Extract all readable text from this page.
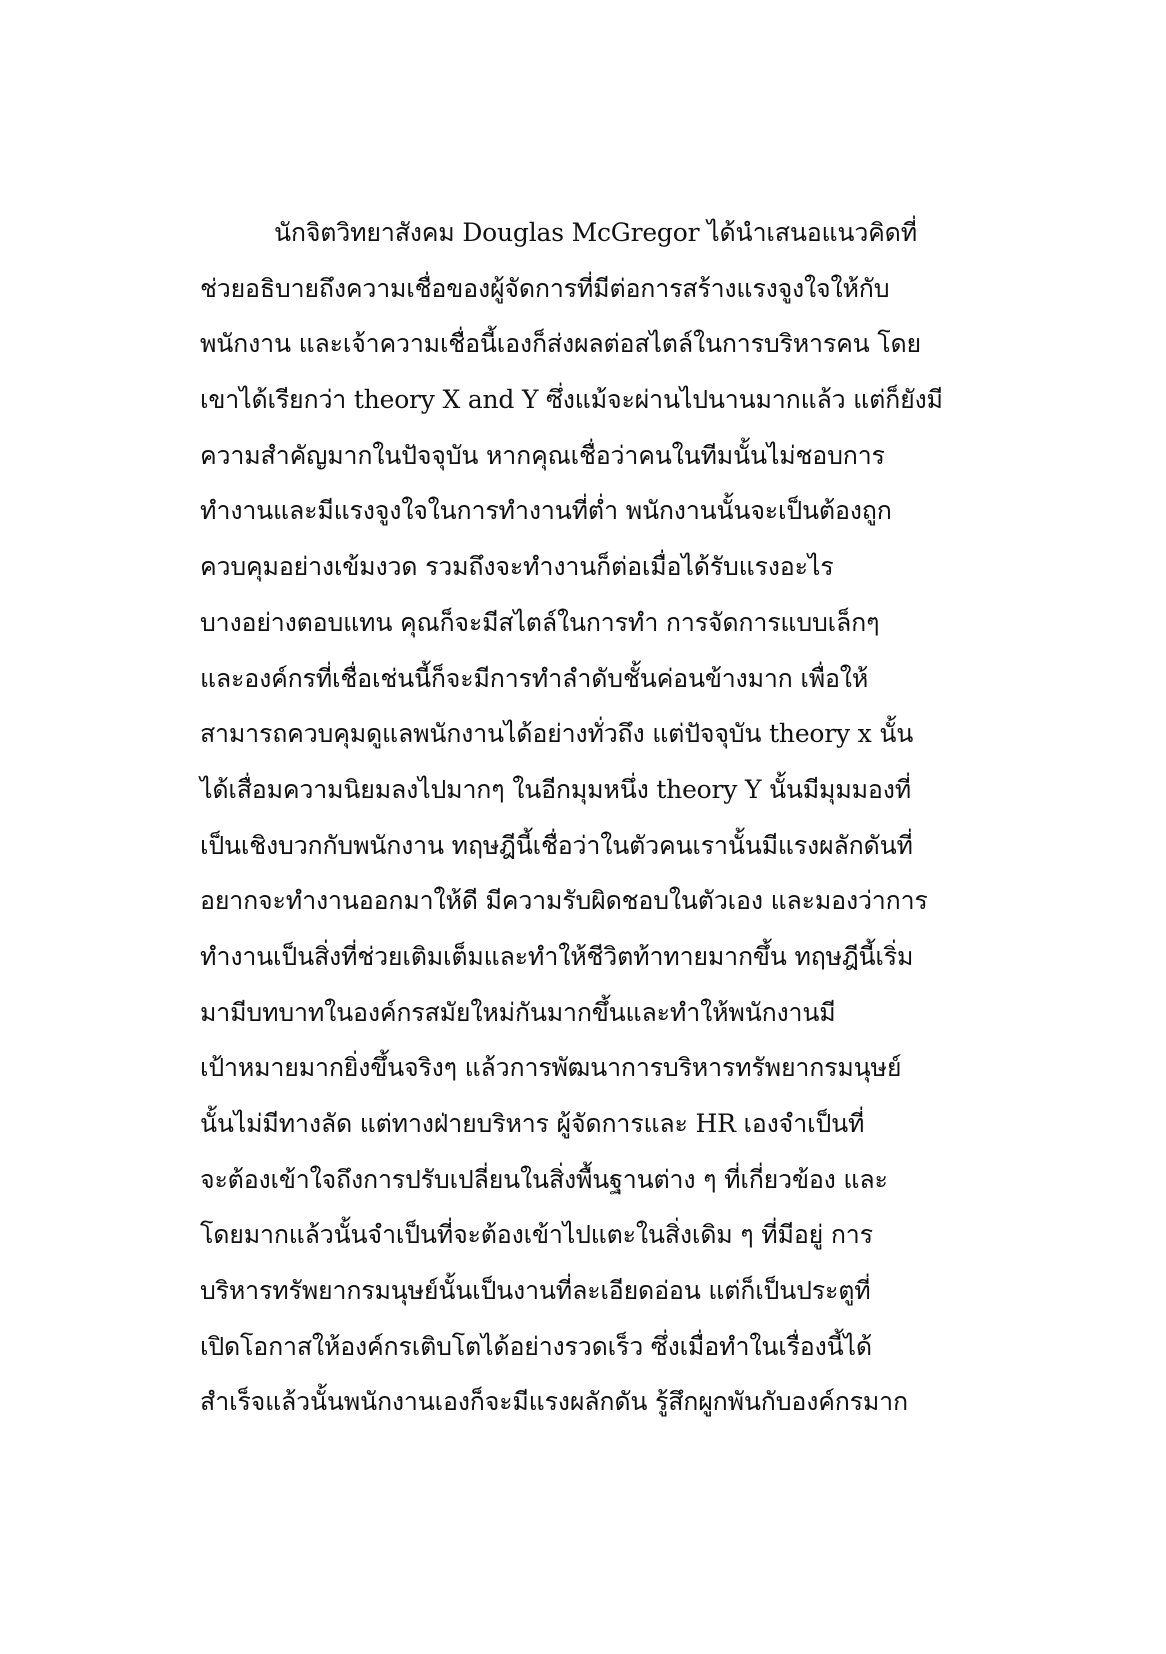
นักจิตวิทยาสังคม Douglas McGregor ได้นำเสนอแนวคิดที่
ช่วยอธิบายถึงความเชื่อของผู้จัดการที่มีต่อการสร้างแรงจูงใจให้กับ
พนักงาน และเจ้าความเชื่อนี้เองก็ส่งผลต่อสไตล์ในการบริหารคน โดย
เขาได้เรียกว่า theory X and Y ซึ่งแม้จะผ่านไปนานมากแล้ว แต่ก็ยังมี
ความสำคัญมากในปัจจุบัน หากคุณเชื่อว่าคนในทีมนั้นไม่ชอบการ
ทำงานและมีแรงจูงใจในการทำงานที่ต่ำ พนักงานนั้นจะเป็นต้องถูก
ควบคุมอย่างเข้มงวด รวมถึงจะทำงานก็ต่อเมื่อได้รับแรงอะไร
บางอย่างตอบแทน คุณก็จะมีสไตล์ในการทำ การจัดการแบบเล็กๆ
และองค์กรที่เชื่อเช่นนี้ก็จะมีการทำลำดับชั้นค่อนข้างมาก เพื่อให้
สามารถควบคุมดูแลพนักงานได้อย่างทั่วถึง แต่ปัจจุบัน theory x นั้น
ได้เสื่อมความนิยมลงไปมากๆ ในอีกมุมหนึ่ง theory Y นั้นมีมุมมองที่
เป็นเชิงบวกกับพนักงาน ทฤษฎีนี้เชื่อว่าในตัวคนเรานั้นมีแรงผลักดันที่
อยากจะทำงานออกมาให้ดี มีความรับผิดชอบในตัวเอง และมองว่าการ
ทำงานเป็นสิ่งที่ช่วยเติมเต็มและทำให้ชีวิตท้าทายมากขึ้น ทฤษฎีนี้เริ่ม
มามีบทบาทในองค์กรสมัยใหม่กันมากขึ้นและทำให้พนักงานมี
เป้าหมายมากยิ่งขึ้นจริงๆ แล้วการพัฒนาการบริหารทรัพยากรมนุษย์
นั้นไม่มีทางลัด แต่ทางฝ่ายบริหาร ผู้จัดการและ HR เองจำเป็นที่
จะต้องเข้าใจถึงการปรับเปลี่ยนในสิ่งพื้นฐานต่าง ๆ ที่เกี่ยวข้อง และ
โดยมากแล้วนั้นจำเป็นที่จะต้องเข้าไปแตะในสิ่งเดิม ๆ ที่มีอยู่ การ
บริหารทรัพยากรมนุษย์นั้นเป็นงานที่ละเอียดอ่อน แต่ก็เป็นประตูที่
เปิดโอกาสให้องค์กรเติบโตได้อย่างรวดเร็ว ซึ่งเมื่อทำในเรื่องนี้ได้
สำเร็จแล้วนั้นพนักงานเองก็จะมีแรงผลักดัน รู้สึกผูกพันกับองค์กรมาก
